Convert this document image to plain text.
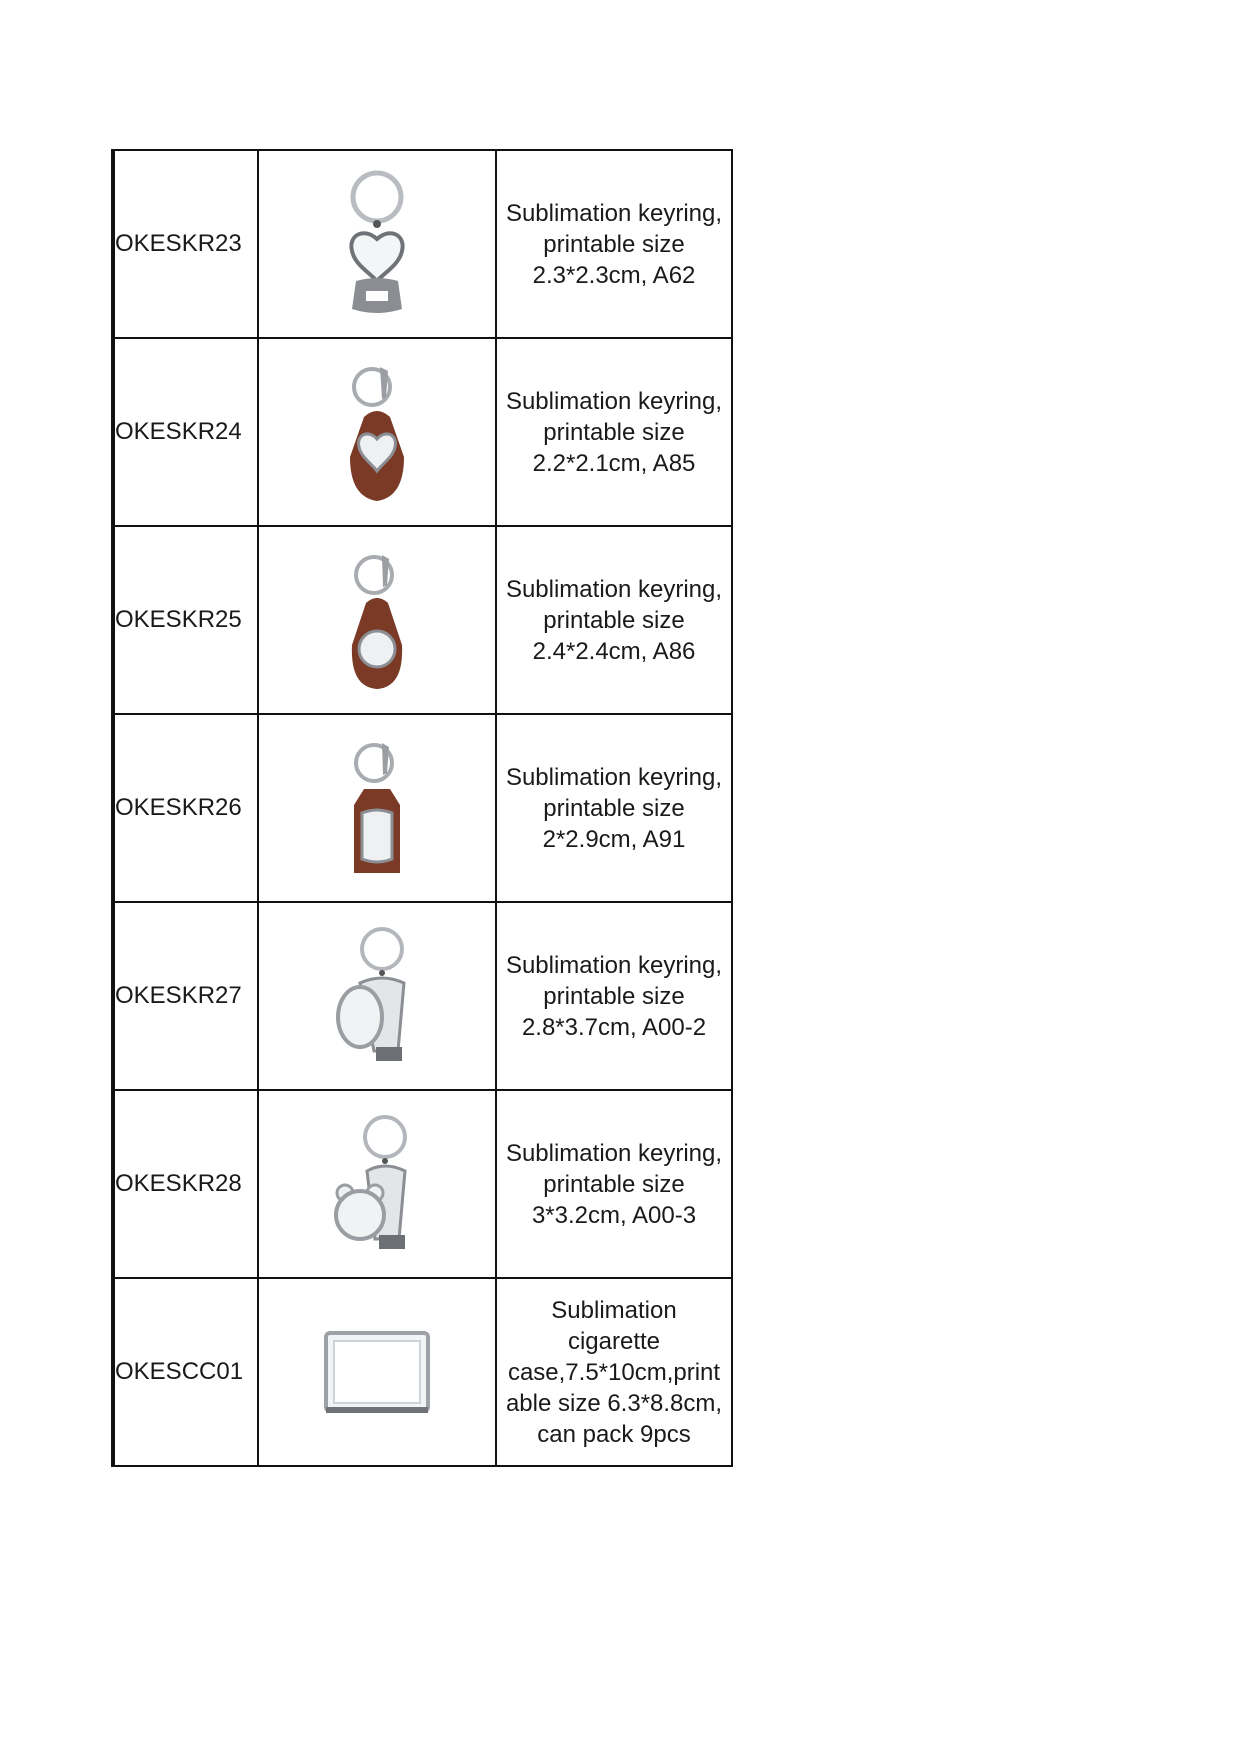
OKESKR23		Sublimation keyring,
printable size
2.3*2.3cm, A62

OKESKR24		Sublimation keyring,
printable size
2.2*2.1cm, A85

OKESKR25		Sublimation keyring,
printable size
2.4*2.4cm, A86

OKESKR26		Sublimation keyring,
printable size
2*2.9cm, A91

OKESKR27		Sublimation keyring,
printable size
2.8*3.7cm, A00-2

OKESKR28		Sublimation keyring,
printable size
3*3.2cm, A00-3

OKESCC01		Sublimation
cigarette
case,7.5*10cm,print
able size 6.3*8.8cm,
can pack 9pcs
